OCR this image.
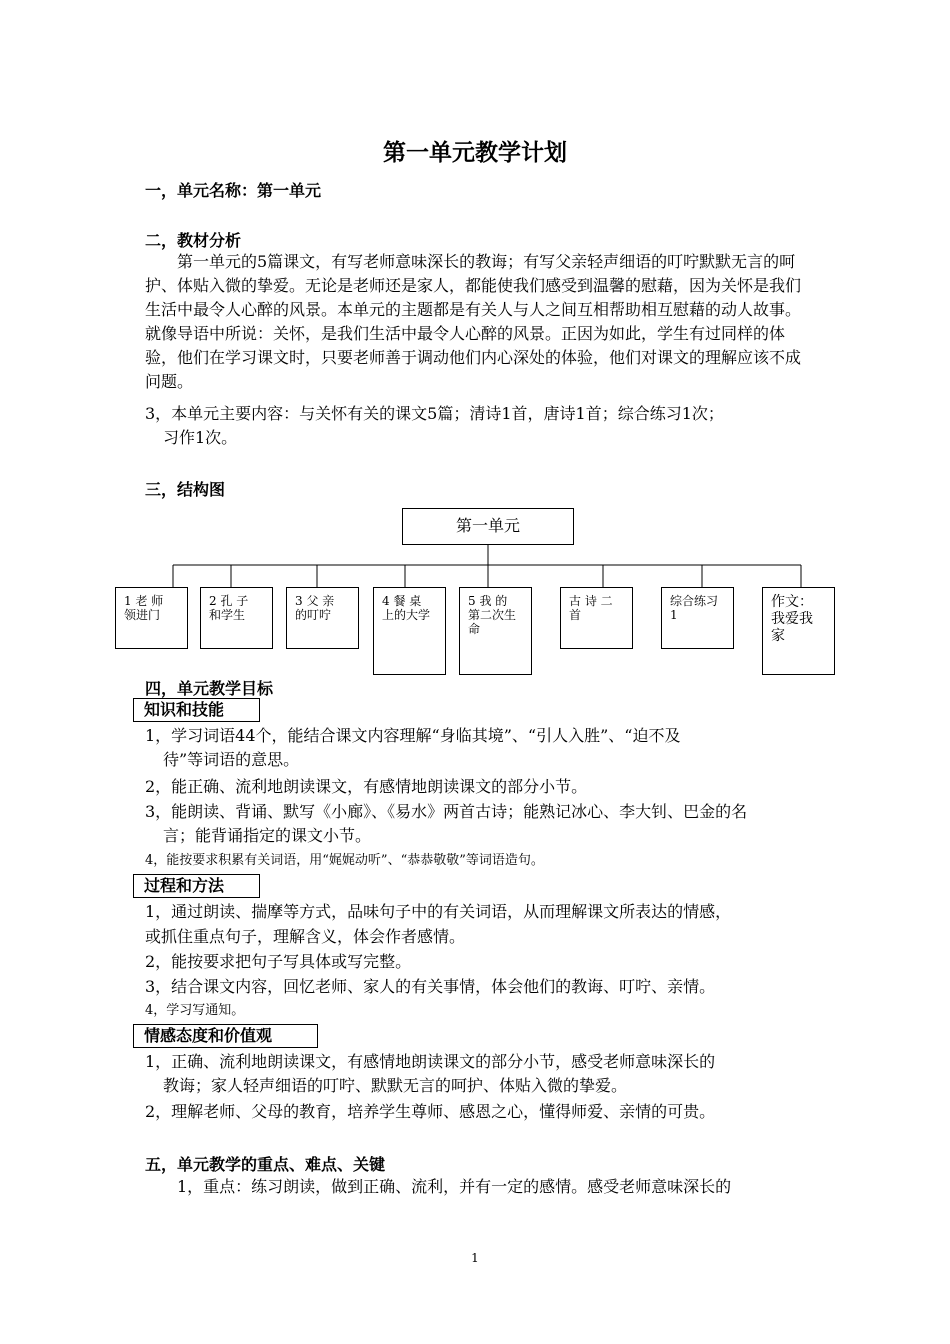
第一单元教学计划
一，单元名称：第一单元
二，教材分析

第一单元的5篇课文，有写老师意味深长的教诲；有写父亲轻声细语的叮咛默默无言的呵护、体贴入微的挚爱。无论是老师还是家人，都能使我们感受到温馨的慰藉，因为关怀是我们生活中最令人心醉的风景。本单元的主题都是有关人与人之间互相帮助相互慰藉的动人故事。就像导语中所说：关怀，是我们生活中最令人心醉的风景。正因为如此，学生有过同样的体验，他们在学习课文时，只要老师善于调动他们内心深处的体验，他们对课文的理解应该不成问题。

3，本单元主要内容：与关怀有关的课文5篇；清诗1首，唐诗1首；综合练习1次；
习作1次。
三，结构图
第一单元
1 老 师 领进门
2 孔 子 和学生
3 父 亲 的叮咛
4 餐 桌 上的大学
5 我 的 第二次生命
古 诗 二 首
综合练习1
作文：我爱我家
四，单元教学目标
知识和技能
1，学习词语44个，能结合课文内容理解“身临其境”、“引人入胜”、“迫不及
待”等词语的意思。
2，能正确、流利地朗读课文，有感情地朗读课文的部分小节。
3，能朗读、背诵、默写《小廊》、《易水》两首古诗；能熟记冰心、李大钊、巴金的名
言；能背诵指定的课文小节。
4，能按要求积累有关词语，用“娓娓动听”、“恭恭敬敬”等词语造句。
过程和方法
1，通过朗读、揣摩等方式，品味句子中的有关词语，从而理解课文所表达的情感，
或抓住重点句子，理解含义，体会作者感情。
2，能按要求把句子写具体或写完整。
3，结合课文内容，回忆老师、家人的有关事情，体会他们的教诲、叮咛、亲情。
4，学习写通知。
情感态度和价值观
1，正确、流利地朗读课文，有感情地朗读课文的部分小节，感受老师意味深长的
教诲；家人轻声细语的叮咛、默默无言的呵护、体贴入微的挚爱。
2，理解老师、父母的教育，培养学生尊师、感恩之心，懂得师爱、亲情的可贵。
五，单元教学的重点、难点、关键
1，重点：练习朗读，做到正确、流利，并有一定的感情。感受老师意味深长的
1
